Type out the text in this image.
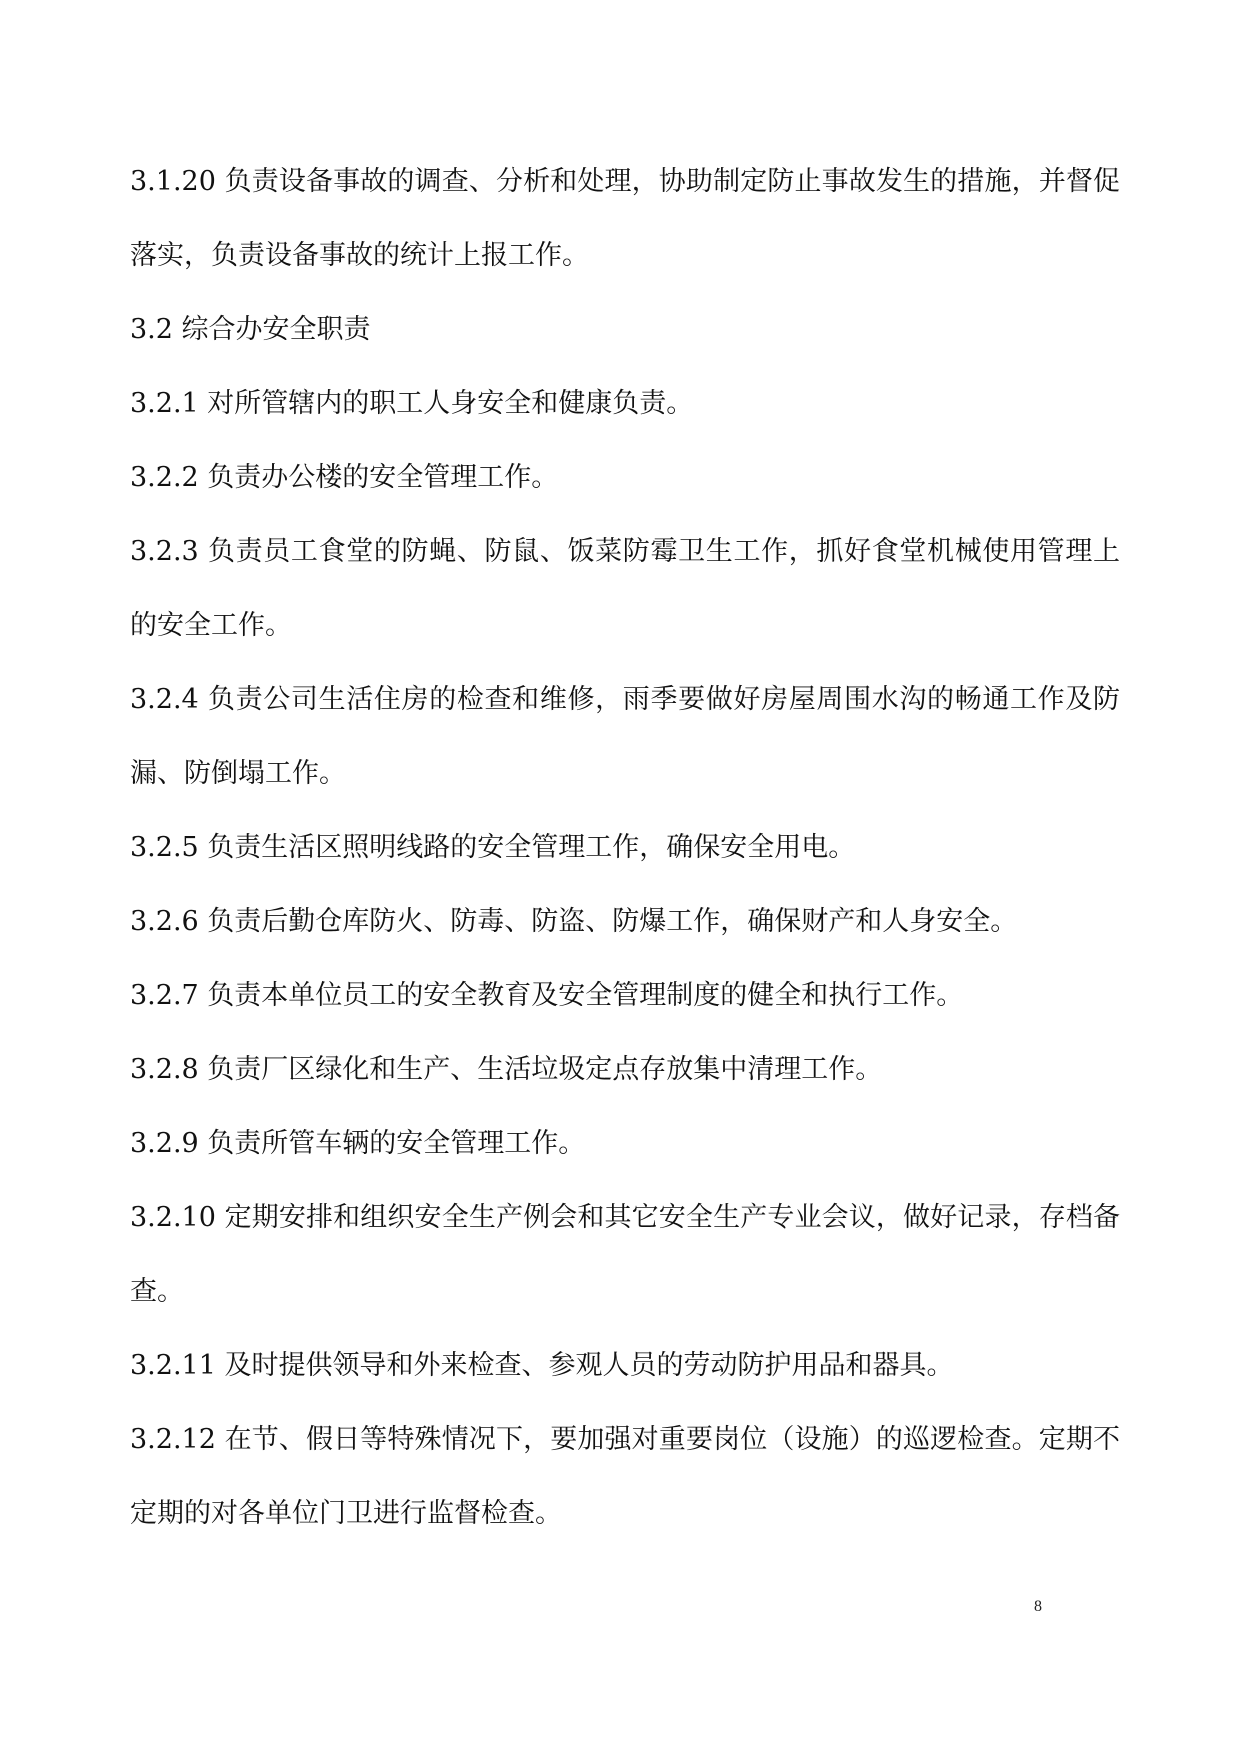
3.1.20 负责设备事故的调查、分析和处理，协助制定防止事故发生的措施，并督促落实，负责设备事故的统计上报工作。

3.2 综合办安全职责

3.2.1 对所管辖内的职工人身安全和健康负责。

3.2.2 负责办公楼的安全管理工作。

3.2.3 负责员工食堂的防蝇、防鼠、饭菜防霉卫生工作，抓好食堂机械使用管理上的安全工作。

3.2.4 负责公司生活住房的检查和维修，雨季要做好房屋周围水沟的畅通工作及防漏、防倒塌工作。

3.2.5 负责生活区照明线路的安全管理工作，确保安全用电。

3.2.6 负责后勤仓库防火、防毒、防盗、防爆工作，确保财产和人身安全。

3.2.7 负责本单位员工的安全教育及安全管理制度的健全和执行工作。

3.2.8 负责厂区绿化和生产、生活垃圾定点存放集中清理工作。

3.2.9 负责所管车辆的安全管理工作。

3.2.10 定期安排和组织安全生产例会和其它安全生产专业会议，做好记录，存档备查。

3.2.11 及时提供领导和外来检查、参观人员的劳动防护用品和器具。

3.2.12 在节、假日等特殊情况下，要加强对重要岗位（设施）的巡逻检查。定期不定期的对各单位门卫进行监督检查。

8
